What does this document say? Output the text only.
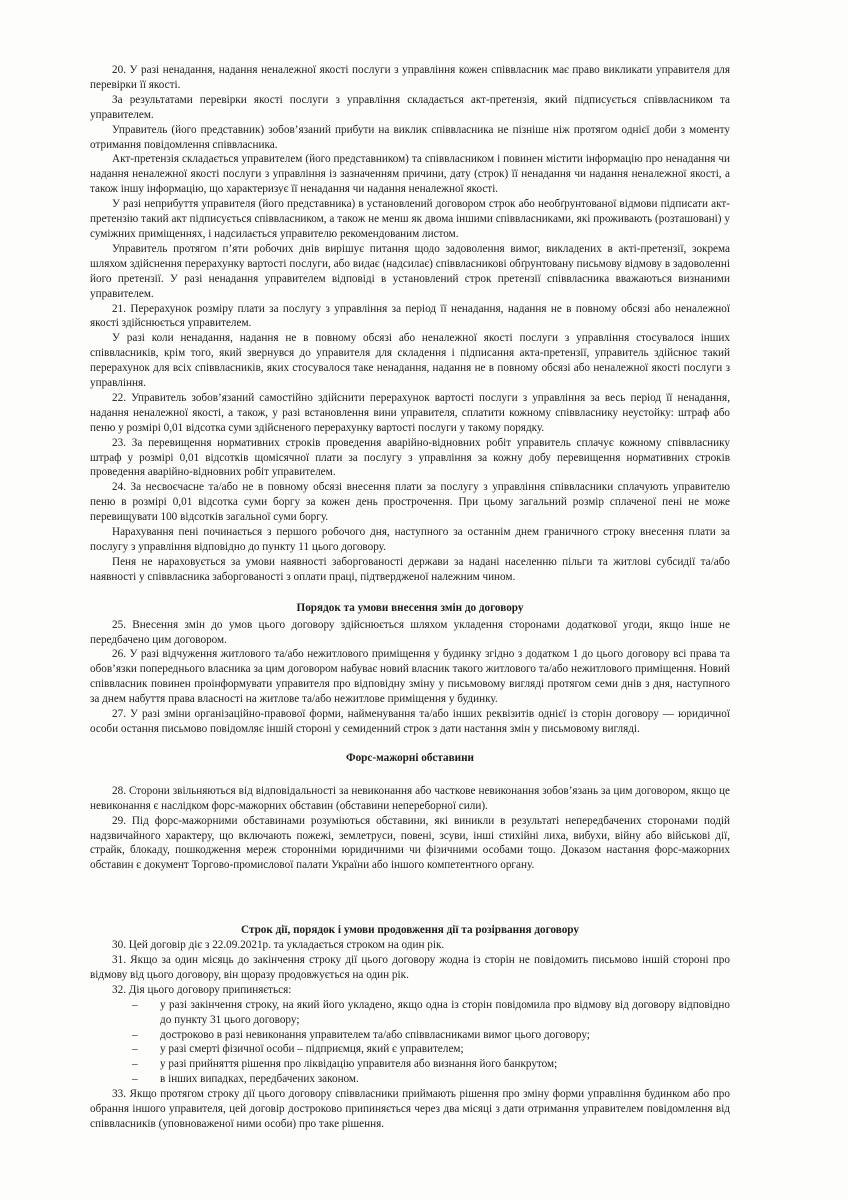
20. У разі ненадання, надання неналежної якості послуги з управління кожен співвласник має право викликати управителя для перевірки її якості.

За результатами перевірки якості послуги з управління складається акт-претензія, який підписується співвласником та управителем.

Управитель (його представник) зобов’язаний прибути на виклик співвласника не пізніше ніж протягом однієї доби з моменту отримання повідомлення співвласника.

Акт-претензія складається управителем (його представником) та співвласником і повинен містити інформацію про ненадання чи надання неналежної якості послуги з управління із зазначенням причини, дату (строк) її ненадання чи надання неналежної якості, а також іншу інформацію, що характеризує її ненадання чи надання неналежної якості.

У разі неприбуття управителя (його представника) в установлений договором строк або необґрунтованої відмови підписати акт-претензію такий акт підписується співвласником, а також не менш як двома іншими співвласниками, які проживають (розташовані) у суміжних приміщеннях, і надсилається управителю рекомендованим листом.

Управитель протягом п’яти робочих днів вирішує питання щодо задоволення вимог, викладених в акті-претензії, зокрема шляхом здійснення перерахунку вартості послуги, або видає (надсилає) співвласникові обґрунтовану письмову відмову в задоволенні його претензії. У разі ненадання управителем відповіді в установлений строк претензії співвласника вважаються визнаними управителем.

21. Перерахунок розміру плати за послугу з управління за період її ненадання, надання не в повному обсязі або неналежної якості здійснюється управителем.

У разі коли ненадання, надання не в повному обсязі або неналежної якості послуги з управління стосувалося інших співвласників, крім того, який звернувся до управителя для складення і підписання акта-претензії, управитель здійснює такий перерахунок для всіх співвласників, яких стосувалося таке ненадання, надання не в повному обсязі або неналежної якості послуги з управління.

22. Управитель зобов’язаний самостійно здійснити перерахунок вартості послуги з управління за весь період її ненадання, надання неналежної якості, а також, у разі встановлення вини управителя, сплатити кожному співвласнику неустойку: штраф або пеню у розмірі 0,01 відсотка суми здійсненого перерахунку вартості послуги у такому порядку.

23. За перевищення нормативних строків проведення аварійно-відновних робіт управитель сплачує кожному співвласнику штраф у розмірі 0,01 відсотків щомісячної плати за послугу з управління за кожну добу перевищення нормативних строків проведення аварійно-відновних робіт управителем.

24. За несвоєчасне та/або не в повному обсязі внесення плати за послугу з управління співвласники сплачують управителю пеню в розмірі 0,01 відсотка суми боргу за кожен день прострочення. При цьому загальний розмір сплаченої пені не може перевищувати 100 відсотків загальної суми боргу.

Нарахування пені починається з першого робочого дня, наступного за останнім днем граничного строку внесення плати за послугу з управління відповідно до пункту 11 цього договору.

Пеня не нараховується за умови наявності заборгованості держави за надані населенню пільги та житлові субсидії та/або наявності у співвласника заборгованості з оплати праці, підтвердженої належним чином.

Порядок та умови внесення змін до договору

25. Внесення змін до умов цього договору здійснюється шляхом укладення сторонами додаткової угоди, якщо інше не передбачено цим договором.

26. У разі відчуження житлового та/або нежитлового приміщення у будинку згідно з додатком 1 до цього договору всі права та обов’язки попереднього власника за цим договором набуває новий власник такого житлового та/або нежитлового приміщення. Новий співвласник повинен проінформувати управителя про відповідну зміну у письмовому вигляді протягом семи днів з дня, наступного за днем набуття права власності на житлове та/або нежитлове приміщення у будинку.

27. У разі зміни організаційно-правової форми, найменування та/або інших реквізитів однієї із сторін договору — юридичної особи остання письмово повідомляє іншій стороні у семиденний строк з дати настання змін у письмовому вигляді.

Форс-мажорні обставини

28. Сторони звільняються від відповідальності за невиконання або часткове невиконання зобов’язань за цим договором, якщо це невиконання є наслідком форс-мажорних обставин (обставини непереборної сили).

29. Під форс-мажорними обставинами розуміються обставини, які виникли в результаті непередбачених сторонами подій надзвичайного характеру, що включають пожежі, землетруси, повені, зсуви, інші стихійні лиха, вибухи, війну або військові дії, страйк, блокаду, пошкодження мереж сторонніми юридичними чи фізичними особами тощо. Доказом настання форс-мажорних обставин є документ Торгово-промислової палати України або іншого компетентного органу.

Строк дії, порядок і умови продовження дії та розірвання договору

30. Цей договір діє з 22.09.2021р. та укладається строком на один рік.

31. Якщо за один місяць до закінчення строку дії цього договору жодна із сторін не повідомить письмово іншій стороні про відмову від цього договору, він щоразу продовжується на один рік.

32. Дія цього договору припиняється:

– у разі закінчення строку, на який його укладено, якщо одна із сторін повідомила про відмову від договору відповідно до пункту 31 цього договору;
– достроково в разі невиконання управителем та/або співвласниками вимог цього договору;
– у разі смерті фізичної особи – підприємця, який є управителем;
– у разі прийняття рішення про ліквідацію управителя або визнання його банкрутом;
– в інших випадках, передбачених законом.

33. Якщо протягом строку дії цього договору співвласники приймають рішення про зміну форми управління будинком або про обрання іншого управителя, цей договір достроково припиняється через два місяці з дати отримання управителем повідомлення від співвласників (уповноваженої ними особи) про таке рішення.
